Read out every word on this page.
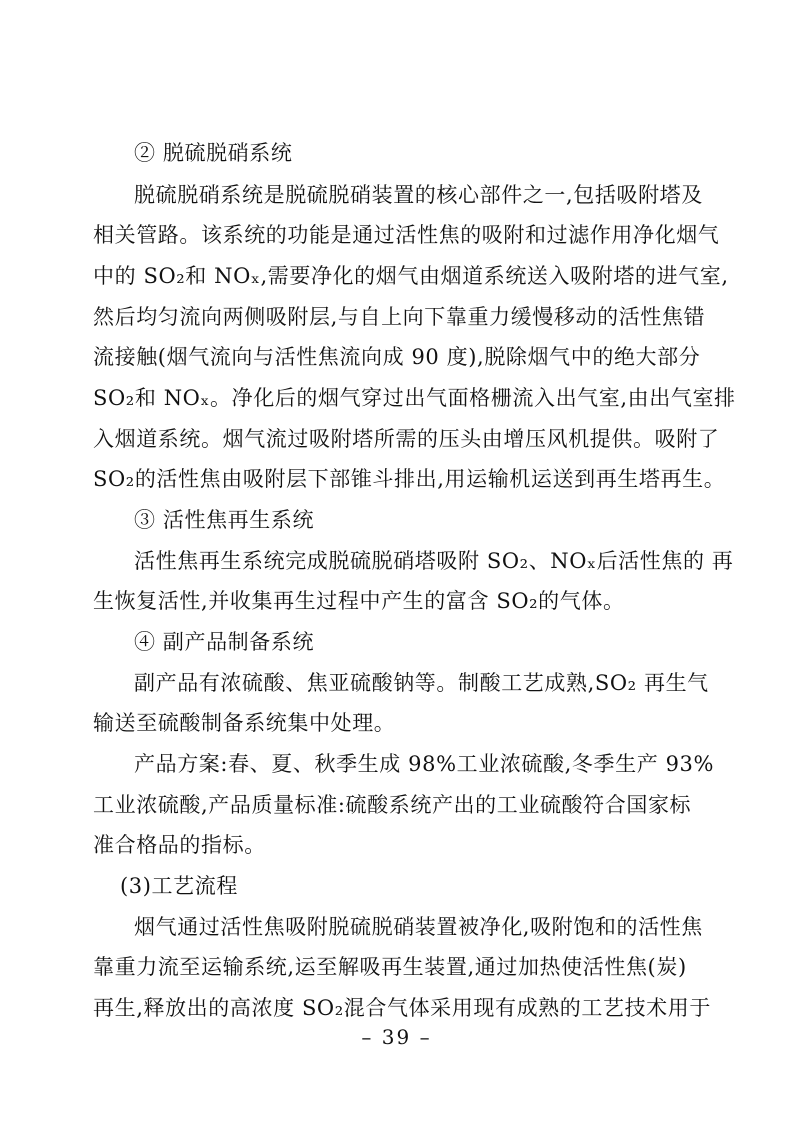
② 脱硫脱硝系统
脱硫脱硝系统是脱硫脱硝装置的核心部件之一,包括吸附塔及
相关管路。该系统的功能是通过活性焦的吸附和过滤作用净化烟气
中的 SO₂和 NOₓ,需要净化的烟气由烟道系统送入吸附塔的进气室,
然后均匀流向两侧吸附层,与自上向下靠重力缓慢移动的活性焦错
流接触(烟气流向与活性焦流向成 90 度),脱除烟气中的绝大部分
SO₂和 NOₓ。净化后的烟气穿过出气面格栅流入出气室,由出气室排
入烟道系统。烟气流过吸附塔所需的压头由增压风机提供。吸附了
SO₂的活性焦由吸附层下部锥斗排出,用运输机运送到再生塔再生。
③ 活性焦再生系统
活性焦再生系统完成脱硫脱硝塔吸附 SO₂、NOₓ后活性焦的 再
生恢复活性,并收集再生过程中产生的富含 SO₂的气体。
④ 副产品制备系统
副产品有浓硫酸、焦亚硫酸钠等。制酸工艺成熟,SO₂ 再生气
输送至硫酸制备系统集中处理。
产品方案:春、夏、秋季生成 98%工业浓硫酸,冬季生产 93%
工业浓硫酸,产品质量标准:硫酸系统产出的工业硫酸符合国家标
准合格品的指标。
(3)工艺流程
烟气通过活性焦吸附脱硫脱硝装置被净化,吸附饱和的活性焦
靠重力流至运输系统,运至解吸再生装置,通过加热使活性焦(炭)
再生,释放出的高浓度 SO₂混合气体采用现有成熟的工艺技术用于
– 39 –
